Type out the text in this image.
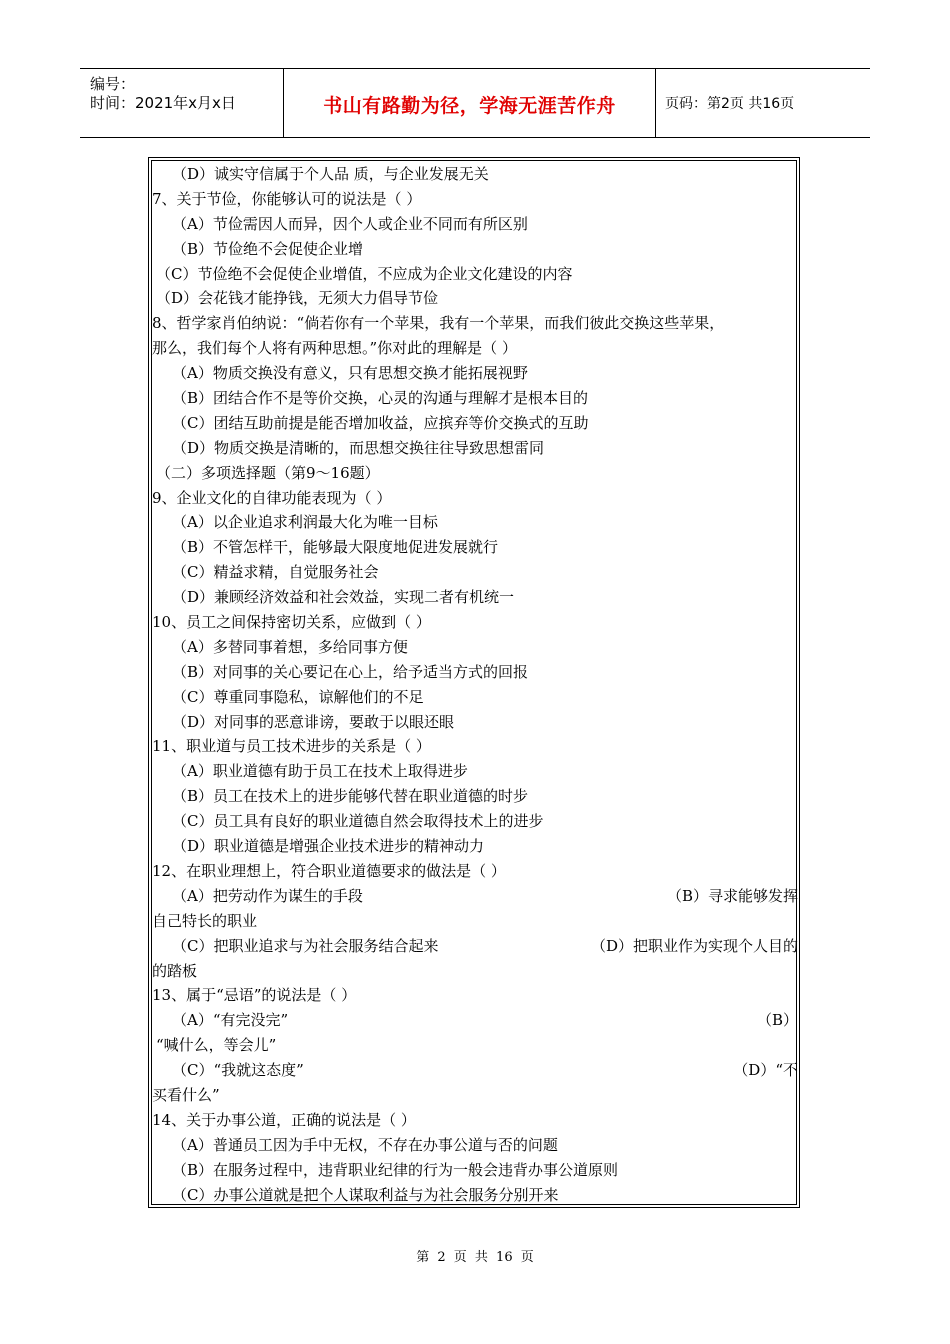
编号：
时间：2021年x月x日	书山有路勤为径，学海无涯苦作舟	页码：第2页 共16页
（D）诚实守信属于个人品 质，与企业发展无关
7、关于节俭，你能够认可的说法是（ ）
（A）节俭需因人而异，因个人或企业不同而有所区别
（B）节俭绝不会促使企业增
（C）节俭绝不会促使企业增值，不应成为企业文化建设的内容
（D）会花钱才能挣钱，无须大力倡导节俭
8、哲学家肖伯纳说：“倘若你有一个苹果，我有一个苹果，而我们彼此交换这些苹果，
那么，我们每个人将有两种思想。”你对此的理解是（ ）
（A）物质交换没有意义，只有思想交换才能拓展视野
（B）团结合作不是等价交换，心灵的沟通与理解才是根本目的
（C）团结互助前提是能否增加收益，应摈弃等价交换式的互助
（D）物质交换是清晰的，而思想交换往往导致思想雷同
（二）多项选择题（第9～16题）
9、企业文化的自律功能表现为（ ）
（A）以企业追求利润最大化为唯一目标
（B）不管怎样干，能够最大限度地促进发展就行
（C）精益求精，自觉服务社会
（D）兼顾经济效益和社会效益，实现二者有机统一
10、员工之间保持密切关系，应做到（ ）
（A）多替同事着想，多给同事方便
（B）对同事的关心要记在心上，给予适当方式的回报
（C）尊重同事隐私，谅解他们的不足
（D）对同事的恶意诽谤，要敢于以眼还眼
11、职业道与员工技术进步的关系是（ ）
（A）职业道德有助于员工在技术上取得进步
（B）员工在技术上的进步能够代替在职业道德的时步
（C）员工具有良好的职业道德自然会取得技术上的进步
（D）职业道德是增强企业技术进步的精神动力
12、在职业理想上，符合职业道德要求的做法是（ ）
（A）把劳动作为谋生的手段	（B）寻求能够发挥
自己特长的职业
（C）把职业追求与为社会服务结合起来	（D）把职业作为实现个人目的
的踏板
13、属于“忌语”的说法是（ ）
（A）“有完没完”	（B）
“喊什么，等会儿”
（C）“我就这态度”	（D）“不
买看什么”
14、关于办事公道，正确的说法是（ ）
（A）普通员工因为手中无权，不存在办事公道与否的问题
（B）在服务过程中，违背职业纪律的行为一般会违背办事公道原则
（C）办事公道就是把个人谋取利益与为社会服务分别开来
第 2 页 共 16 页
